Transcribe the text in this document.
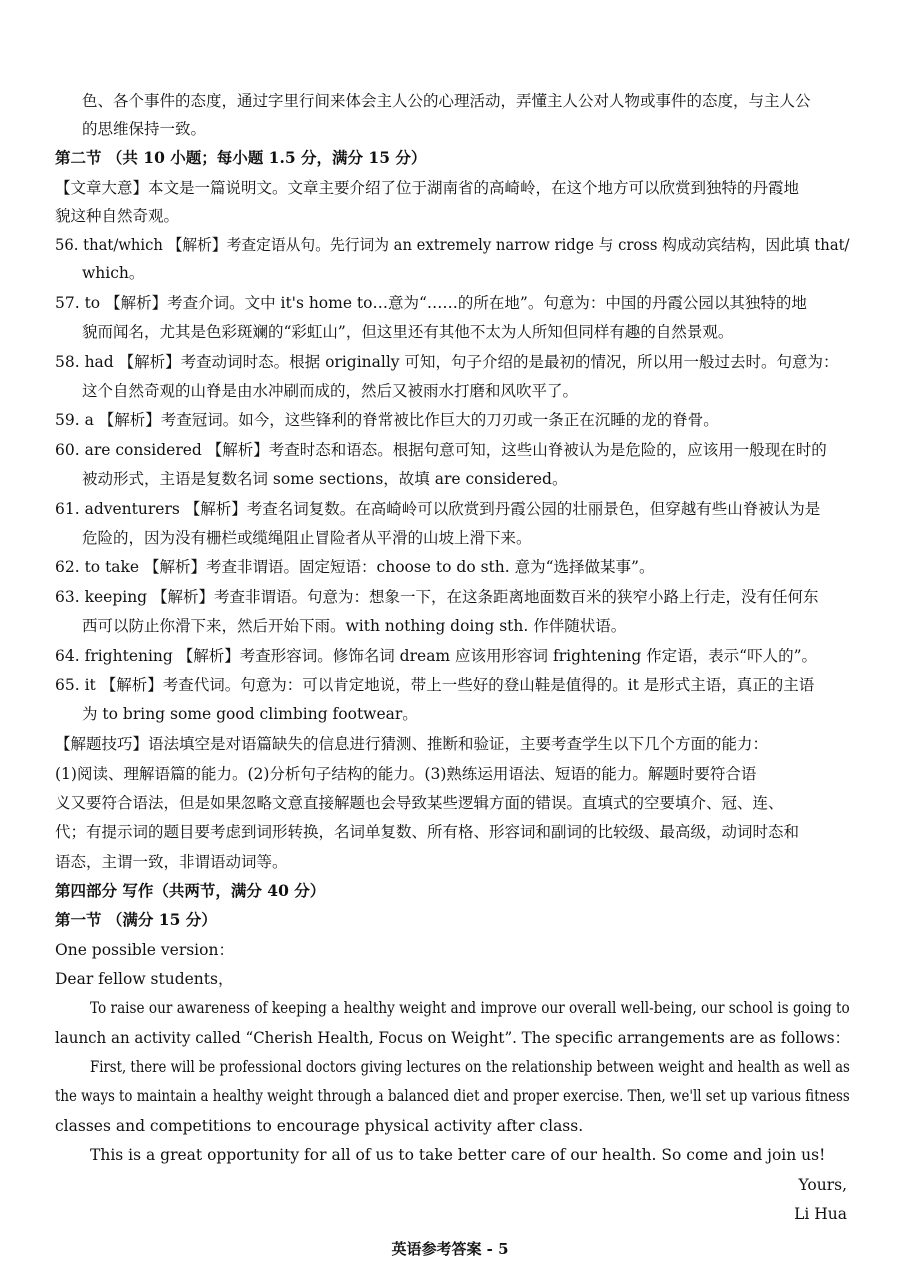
色、各个事件的态度，通过字里行间来体会主人公的心理活动，弄懂主人公对人物或事件的态度，与主人公
的思维保持一致。
第二节 （共 10 小题；每小题 1.5 分，满分 15 分）
【文章大意】本文是一篇说明文。文章主要介绍了位于湖南省的高崎岭，在这个地方可以欣赏到独特的丹霞地
貌这种自然奇观。
56. that/which 【解析】考查定语从句。先行词为 an extremely narrow ridge 与 cross 构成动宾结构，因此填 that/
which。
57. to 【解析】考查介词。文中 it's home to…意为“……的所在地”。句意为：中国的丹霞公园以其独特的地
貌而闻名，尤其是色彩斑斓的“彩虹山”，但这里还有其他不太为人所知但同样有趣的自然景观。
58. had 【解析】考查动词时态。根据 originally 可知，句子介绍的是最初的情况，所以用一般过去时。句意为：
这个自然奇观的山脊是由水冲刷而成的，然后又被雨水打磨和风吹平了。
59. a 【解析】考查冠词。如今，这些锋利的脊常被比作巨大的刀刃或一条正在沉睡的龙的脊骨。
60. are considered 【解析】考查时态和语态。根据句意可知，这些山脊被认为是危险的，应该用一般现在时的
被动形式，主语是复数名词 some sections，故填 are considered。
61. adventurers 【解析】考查名词复数。在高崎岭可以欣赏到丹霞公园的壮丽景色，但穿越有些山脊被认为是
危险的，因为没有栅栏或缆绳阻止冒险者从平滑的山坡上滑下来。
62. to take 【解析】考查非谓语。固定短语：choose to do sth. 意为“选择做某事”。
63. keeping 【解析】考查非谓语。句意为：想象一下，在这条距离地面数百米的狭窄小路上行走，没有任何东
西可以防止你滑下来，然后开始下雨。with nothing doing sth. 作伴随状语。
64. frightening 【解析】考查形容词。修饰名词 dream 应该用形容词 frightening 作定语，表示“吓人的”。
65. it 【解析】考查代词。句意为：可以肯定地说，带上一些好的登山鞋是值得的。it 是形式主语，真正的主语
为 to bring some good climbing footwear。
【解题技巧】语法填空是对语篇缺失的信息进行猜测、推断和验证，主要考查学生以下几个方面的能力：
(1)阅读、理解语篇的能力。(2)分析句子结构的能力。(3)熟练运用语法、短语的能力。解题时要符合语
义又要符合语法，但是如果忽略文意直接解题也会导致某些逻辑方面的错误。直填式的空要填介、冠、连、
代；有提示词的题目要考虑到词形转换，名词单复数、所有格、形容词和副词的比较级、最高级，动词时态和
语态，主谓一致，非谓语动词等。
第四部分 写作（共两节，满分 40 分）
第一节 （满分 15 分）
One possible version：
Dear fellow students，
To raise our awareness of keeping a healthy weight and improve our overall well-being, our school is going to
launch an activity called “Cherish Health, Focus on Weight”. The specific arrangements are as follows：
First, there will be professional doctors giving lectures on the relationship between weight and health as well as
the ways to maintain a healthy weight through a balanced diet and proper exercise. Then, we'll set up various fitness
classes and competitions to encourage physical activity after class.
This is a great opportunity for all of us to take better care of our health. So come and join us!
Yours,
Li Hua
英语参考答案 - 5
